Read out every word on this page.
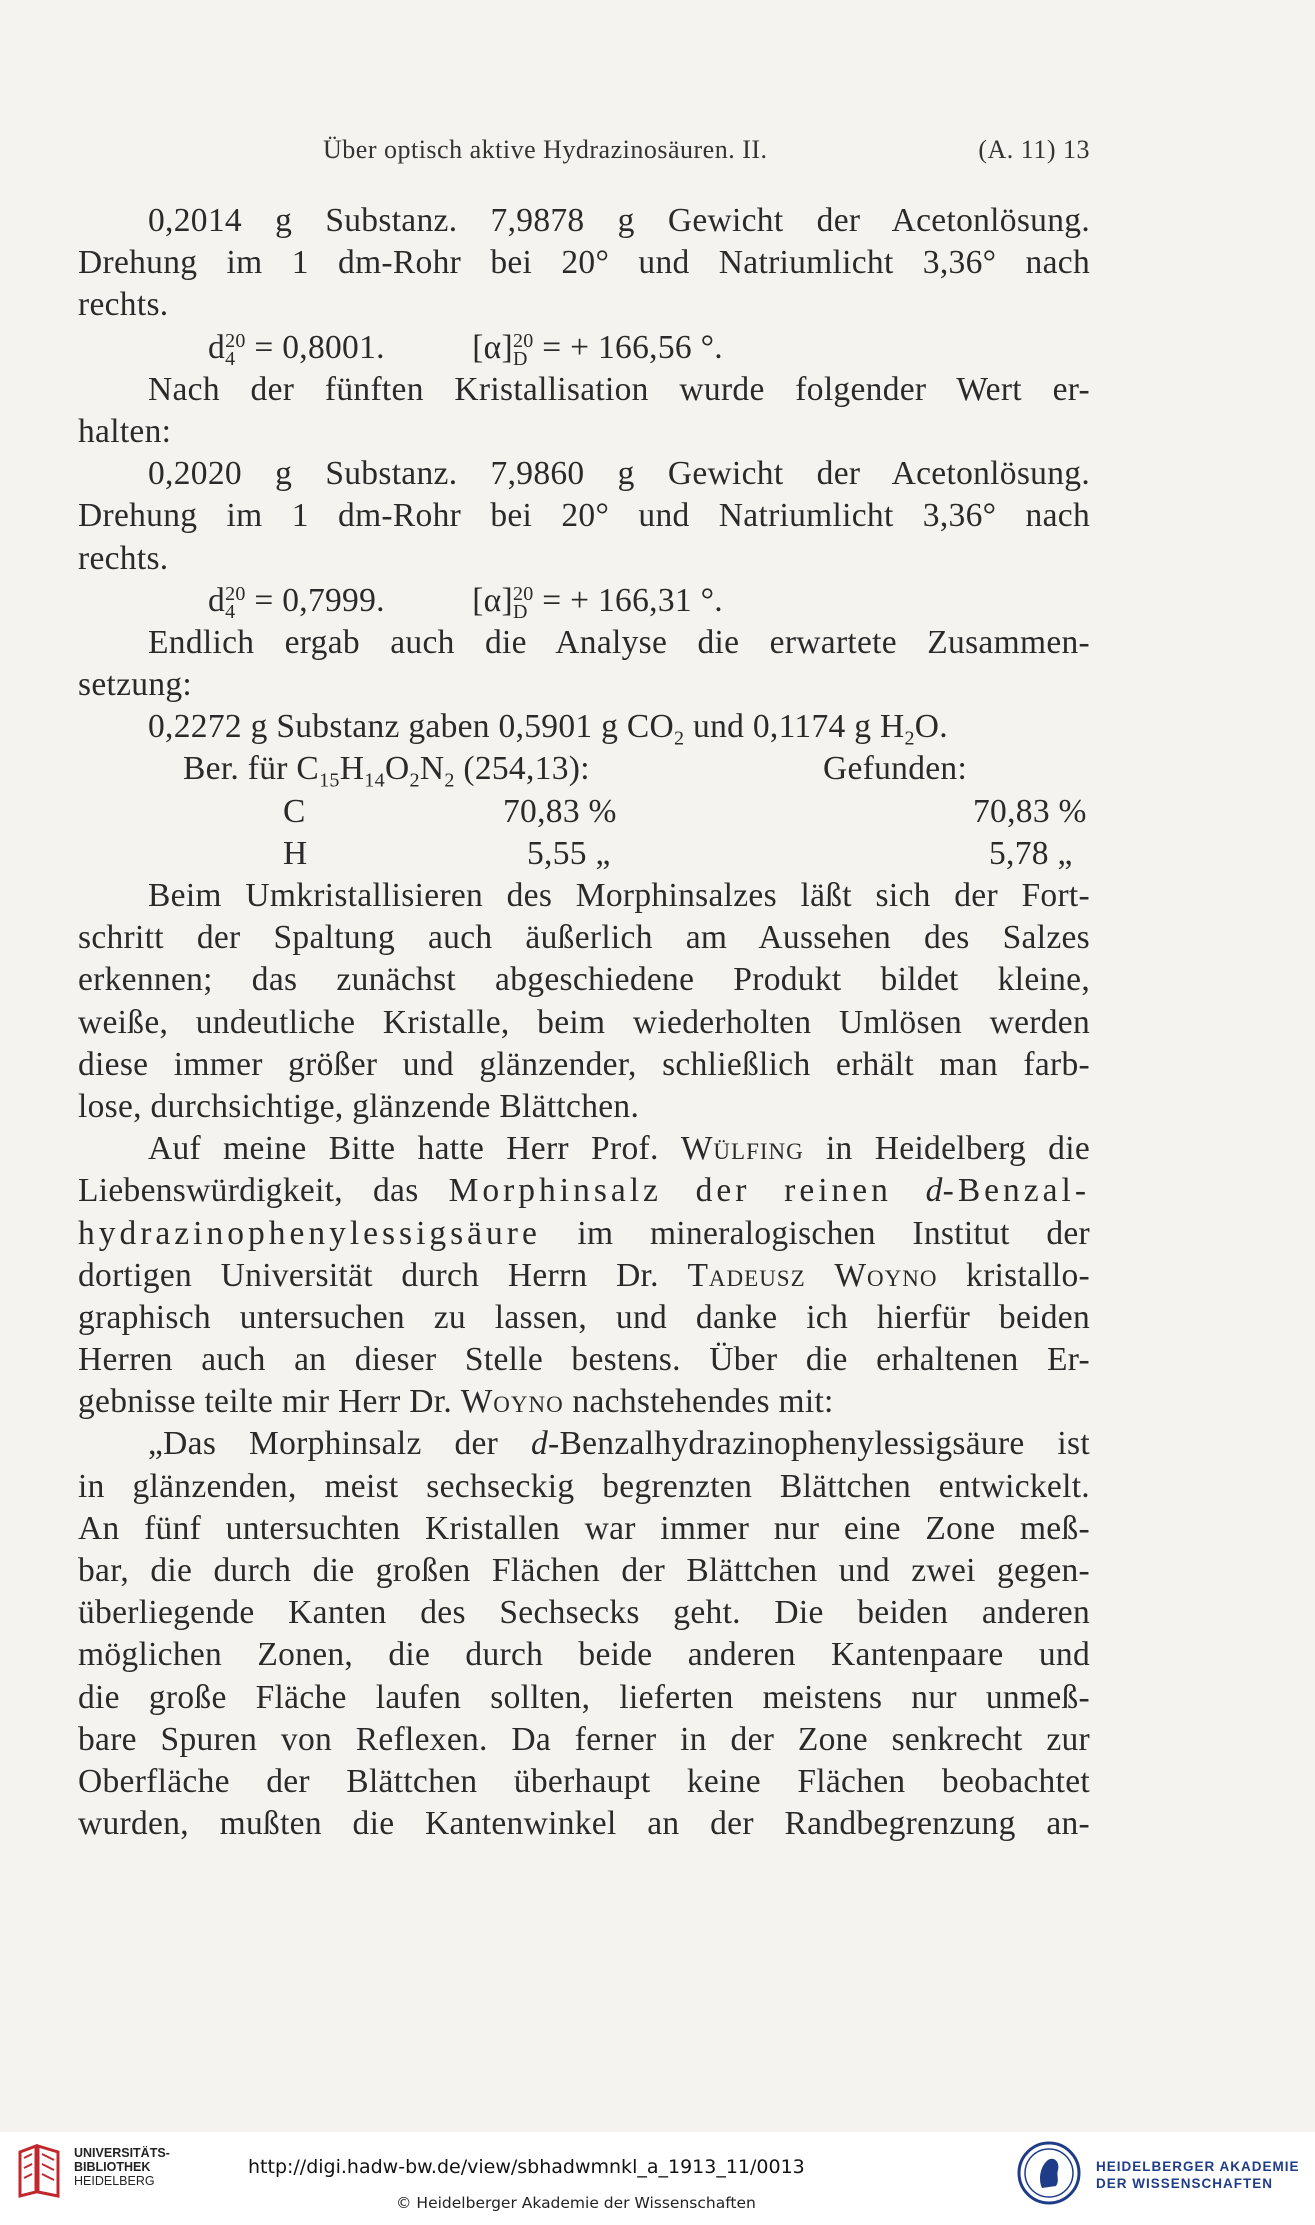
Über optisch aktive Hydrazinosäuren. II.	(A. 11) 13
0,2014 g Substanz. 7,9878 g Gewicht der Acetonlösung.
Drehung im 1 dm-Rohr bei 20° und Natriumlicht 3,36° nach
rechts.
d 20
4 = 0,8001.	[α] 20
D = + 166,56 °.
Nach der fünften Kristallisation wurde folgender Wert er-
halten:
0,2020 g Substanz. 7,9860 g Gewicht der Acetonlösung.
Drehung im 1 dm-Rohr bei 20° und Natriumlicht 3,36° nach
rechts.
d 20
4 = 0,7999.	[α] 20
D = + 166,31 °.
Endlich ergab auch die Analyse die erwartete Zusammen-
setzung:
0,2272 g Substanz gaben 0,5901 g $CO_2$ und 0,1174 g $H_2O$.
Ber. für $C_{15}H_{14}O_2N_2$ (254,13):	Gefunden:
C	70,83 %	70,83 %
H	5,55 „	5,78 „
Beim Umkristallisieren des Morphinsalzes läßt sich der Fort-
schritt der Spaltung auch äußerlich am Aussehen des Salzes
erkennen; das zunächst abgeschiedene Produkt bildet kleine,
weiße, undeutliche Kristalle, beim wiederholten Umlösen werden
diese immer größer und glänzender, schließlich erhält man farb-
lose, durchsichtige, glänzende Blättchen.
Auf meine Bitte hatte Herr Prof. Wülfing in Heidelberg die
Liebenswürdigkeit, das Morphinsalz der reinen d-Benzal-
hydrazinophenylessigsäure im mineralogischen Institut der
dortigen Universität durch Herrn Dr. Tadeusz Woyno kristallo-
graphisch untersuchen zu lassen, und danke ich hierfür beiden
Herren auch an dieser Stelle bestens. Über die erhaltenen Er-
gebnisse teilte mir Herr Dr. Woyno nachstehendes mit:
„Das Morphinsalz der d-Benzalhydrazinophenylessigsäure ist
in glänzenden, meist sechseckig begrenzten Blättchen entwickelt.
An fünf untersuchten Kristallen war immer nur eine Zone meß-
bar, die durch die großen Flächen der Blättchen und zwei gegen-
überliegende Kanten des Sechsecks geht. Die beiden anderen
möglichen Zonen, die durch beide anderen Kantenpaare und
die große Fläche laufen sollten, lieferten meistens nur unmeß-
bare Spuren von Reflexen. Da ferner in der Zone senkrecht zur
Oberfläche der Blättchen überhaupt keine Flächen beobachtet
wurden, mußten die Kantenwinkel an der Randbegrenzung an-
UNIVERSITÄTS-
BIBLIOTHEK
HEIDELBERG
http://digi.hadw-bw.de/view/sbhadwmnkl_a_1913_11/0013
© Heidelberger Akademie der Wissenschaften
HEIDELBERGER AKADEMIE
DER WISSENSCHAFTEN
